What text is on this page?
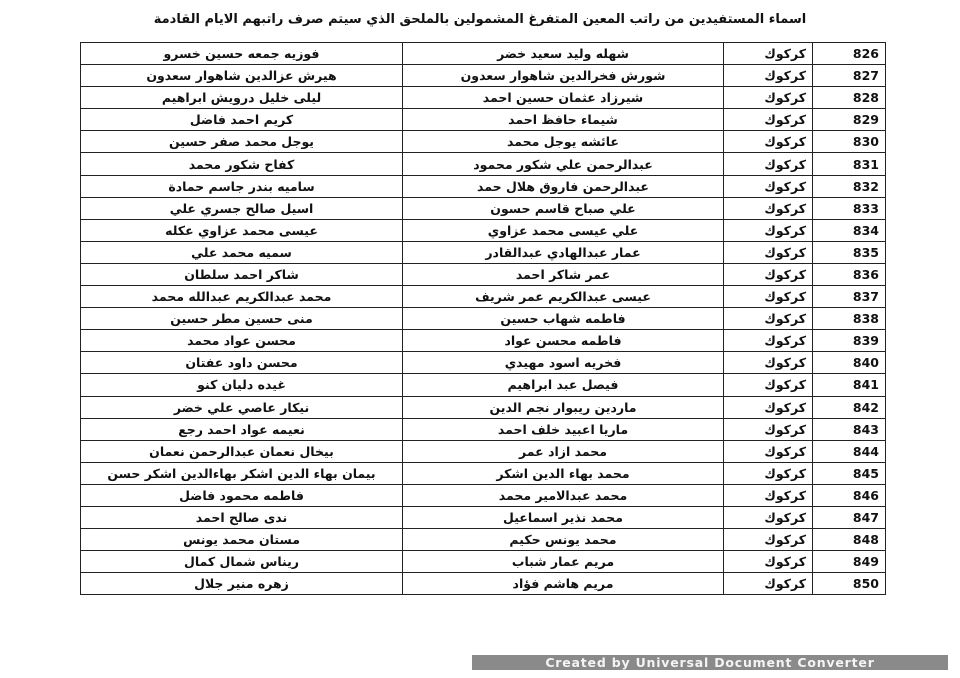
اسماء المستفيدين من راتب المعين المتفرغ المشمولين بالملحق الذي سيتم صرف راتبهم الايام القادمة
فوزيه جمعه حسين خسرو	شهله وليد سعيد خضر	كركوك	826
هيرش عزالدين شاهوار سعدون	شورش فخرالدين شاهوار سعدون	كركوك	827
ليلى خليل درويش ابراهيم	شيرزاد عثمان حسين احمد	كركوك	828
كريم احمد فاضل	شيماء حافظ احمد	كركوك	829
يوجل محمد صفر حسين	عائشه يوجل محمد	كركوك	830
كفاح شكور محمد	عبدالرحمن علي شكور محمود	كركوك	831
ساميه بندر جاسم حمادة	عبدالرحمن فاروق هلال حمد	كركوك	832
اسيل صالح جسري علي	علي صباح قاسم حسون	كركوك	833
عيسى محمد عزاوي عكله	علي عيسى محمد عزاوي	كركوك	834
سميه محمد علي	عمار عبدالهادي عبدالقادر	كركوك	835
شاكر احمد سلطان	عمر شاكر احمد	كركوك	836
محمد عبدالكريم عبدالله محمد	عيسى عبدالكريم عمر شريف	كركوك	837
منى حسين مطر حسين	فاطمه شهاب حسين	كركوك	838
محسن عواد محمد	فاطمه محسن عواد	كركوك	839
محسن داود عفتان	فخريه اسود مهيدي	كركوك	840
غيده دليان كنو	فيصل عبد ابراهيم	كركوك	841
نيكار عاصي علي خضر	ماردين ريبوار نجم الدين	كركوك	842
نعيمه عواد احمد رجع	ماريا اعبيد خلف احمد	كركوك	843
بيخال نعمان عبدالرحمن نعمان	محمد ازاد عمر	كركوك	844
بيمان بهاء الدين اشكر بهاءالدين اشكر حسن	محمد بهاء الدين اشكر	كركوك	845
فاطمه محمود فاضل	محمد عبدالامير محمد	كركوك	846
ندى صالح احمد	محمد نذير اسماعيل	كركوك	847
مستان محمد يونس	محمد يونس حكيم	كركوك	848
ريناس شمال كمال	مريم عمار شباب	كركوك	849
زهره منير جلال	مريم هاشم فؤاد	كركوك	850
Created by Universal Document Converter
